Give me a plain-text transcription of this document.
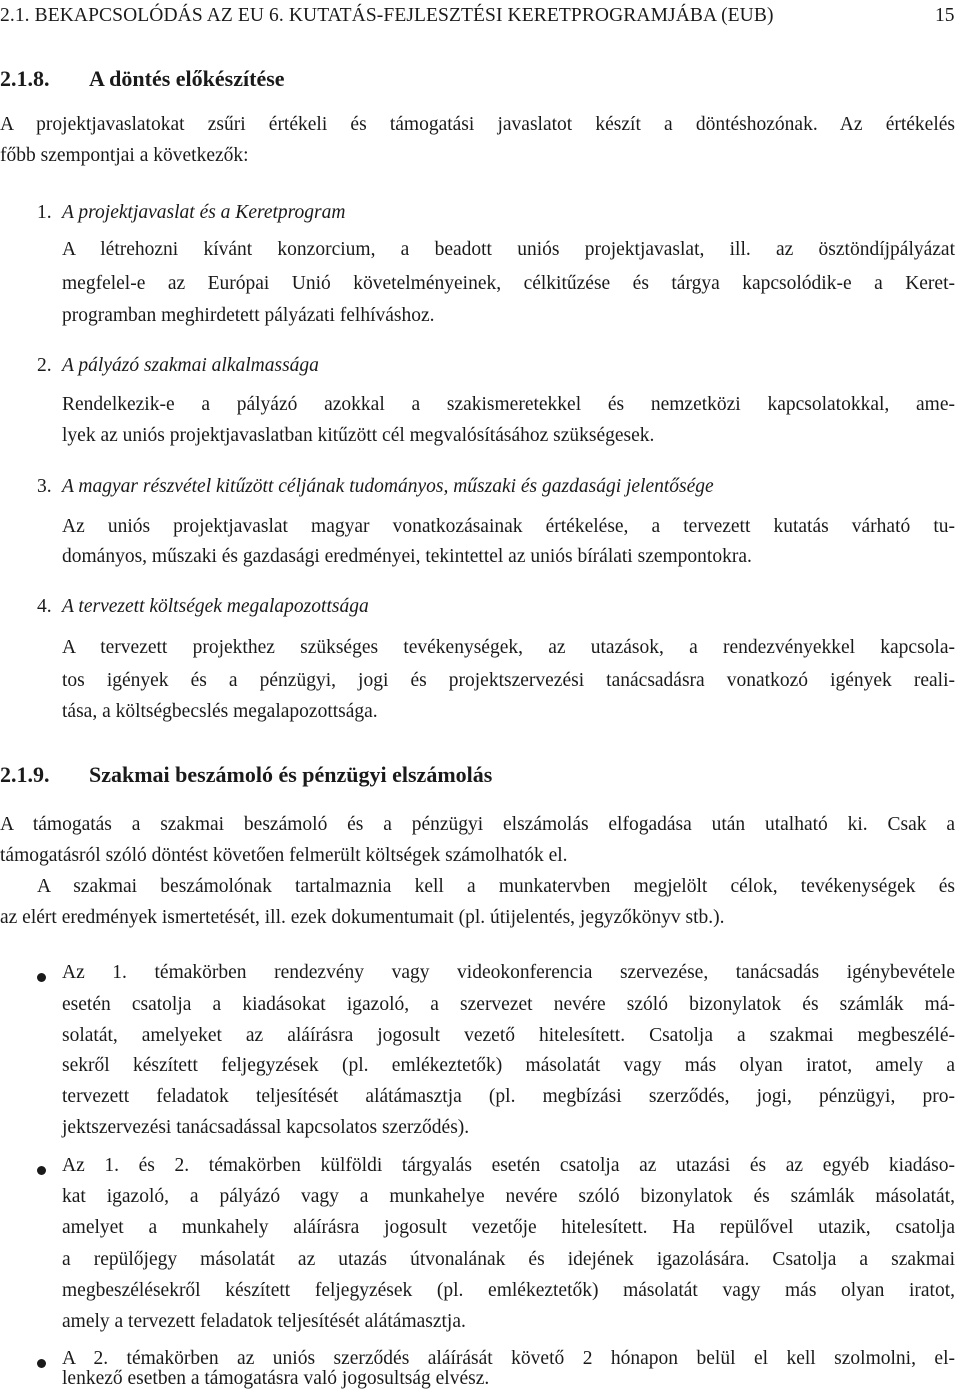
2.1. BEKAPCSOLÓDÁS AZ EU 6. KUTATÁS-FEJLESZTÉSI KERETPROGRAMJÁBA (EUB)	15
2.1.8. A döntés előkészítése
A projektjavaslatokat zsűri értékeli és támogatási javaslatot készít a döntéshozónak. Az értékelés
főbb szempontjai a következők:
1. A projektjavaslat és a Keretprogram
A létrehozni kívánt konzorcium, a beadott uniós projektjavaslat, ill. az ösztöndíjpályázat
megfelel-e az Európai Unió követelményeinek, célkitűzése és tárgya kapcsolódik-e a Keret-
programban meghirdetett pályázati felhíváshoz.
2. A pályázó szakmai alkalmassága
Rendelkezik-e a pályázó azokkal a szakismeretekkel és nemzetközi kapcsolatokkal, ame-
lyek az uniós projektjavaslatban kitűzött cél megvalósításához szükségesek.
3. A magyar részvétel kitűzött céljának tudományos, műszaki és gazdasági jelentősége
Az uniós projektjavaslat magyar vonatkozásainak értékelése, a tervezett kutatás várható tu-
dományos, műszaki és gazdasági eredményei, tekintettel az uniós bírálati szempontokra.
4. A tervezett költségek megalapozottsága
A tervezett projekthez szükséges tevékenységek, az utazások, a rendezvényekkel kapcsola-
tos igények és a pénzügyi, jogi és projektszervezési tanácsadásra vonatkozó igények reali-
tása, a költségbecslés megalapozottsága.
2.1.9. Szakmai beszámoló és pénzügyi elszámolás
A támogatás a szakmai beszámoló és a pénzügyi elszámolás elfogadása után utalható ki. Csak a
támogatásról szóló döntést követően felmerült költségek számolhatók el.
A szakmai beszámolónak tartalmaznia kell a munkatervben megjelölt célok, tevékenységek és
az elért eredmények ismertetését, ill. ezek dokumentumait (pl. útijelentés, jegyzőkönyv stb.).
Az 1. témakörben rendezvény vagy videokonferencia szervezése, tanácsadás igénybevétele
esetén csatolja a kiadásokat igazoló, a szervezet nevére szóló bizonylatok és számlák má-
solatát, amelyeket az aláírásra jogosult vezető hitelesített. Csatolja a szakmai megbeszélé-
sekről készített feljegyzések (pl. emlékeztetők) másolatát vagy más olyan iratot, amely a
tervezett feladatok teljesítését alátámasztja (pl. megbízási szerződés, jogi, pénzügyi, pro-
jektszervezési tanácsadással kapcsolatos szerződés).
Az 1. és 2. témakörben külföldi tárgyalás esetén csatolja az utazási és az egyéb kiadáso-
kat igazoló, a pályázó vagy a munkahelye nevére szóló bizonylatok és számlák másolatát,
amelyet a munkahely aláírásra jogosult vezetője hitelesített. Ha repülővel utazik, csatolja
a repülőjegy másolatát az utazás útvonalának és idejének igazolására. Csatolja a szakmai
megbeszélésekről készített feljegyzések (pl. emlékeztetők) másolatát vagy más olyan iratot,
amely a tervezett feladatok teljesítését alátámasztja.
A 2. témakörben az uniós szerződés aláírását követő 2 hónapon belül el kell szolmolni, el-
lenkező esetben a támogatásra való jogosultság elvész.
